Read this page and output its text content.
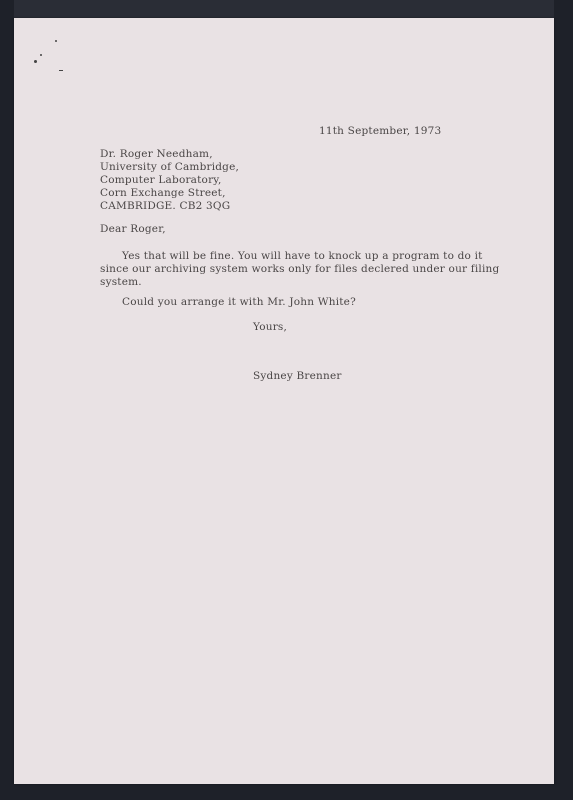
11th September, 1973
Dr. Roger Needham,
University of Cambridge,
Computer Laboratory,
Corn Exchange Street,
CAMBRIDGE. CB2 3QG
Dear Roger,
Yes that will be fine. You will have to knock up a program to do it
since our archiving system works only for files declered under our filing
system.
Could you arrange it with Mr. John White?
Yours,
Sydney Brenner
